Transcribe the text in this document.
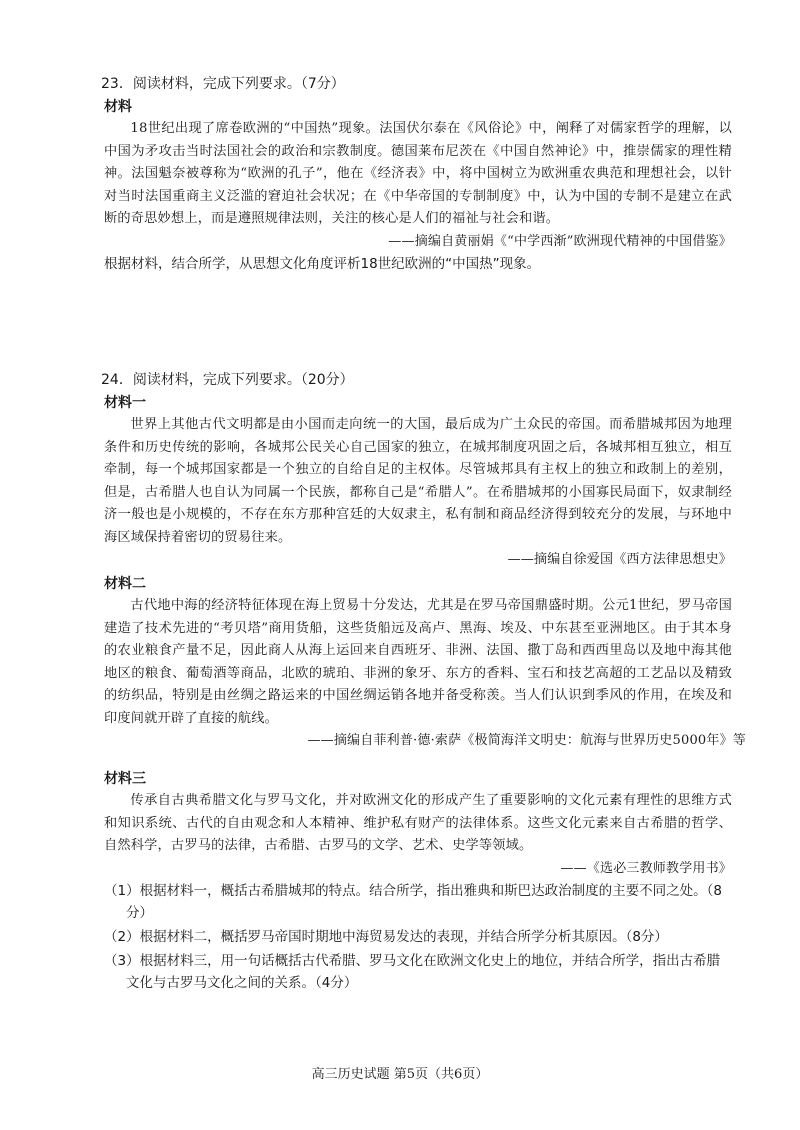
23．阅读材料，完成下列要求。（7分）
材料

18世纪出现了席卷欧洲的“中国热”现象。法国伏尔泰在《风俗论》中，阐释了对儒家哲学的理解，以中国为矛攻击当时法国社会的政治和宗教制度。德国莱布尼茨在《中国自然神论》中，推崇儒家的理性精神。法国魁奈被尊称为“欧洲的孔子”，他在《经济表》中，将中国树立为欧洲重农典范和理想社会，以针对当时法国重商主义泛滥的窘迫社会状况；在《中华帝国的专制制度》中，认为中国的专制不是建立在武断的奇思妙想上，而是遵照规律法则，关注的核心是人们的福祉与社会和谐。

——摘编自黄丽娟《“中学西渐”欧洲现代精神的中国借鉴》

根据材料，结合所学，从思想文化角度评析18世纪欧洲的“中国热”现象。

24．阅读材料，完成下列要求。（20分）
材料一

世界上其他古代文明都是由小国而走向统一的大国，最后成为广土众民的帝国。而希腊城邦因为地理条件和历史传统的影响，各城邦公民关心自己国家的独立，在城邦制度巩固之后，各城邦相互独立，相互牵制，每一个城邦国家都是一个独立的自给自足的主权体。尽管城邦具有主权上的独立和政制上的差别，但是，古希腊人也自认为同属一个民族，都称自己是“希腊人”。在希腊城邦的小国寡民局面下，奴隶制经济一般也是小规模的，不存在东方那种宫廷的大奴隶主，私有制和商品经济得到较充分的发展，与环地中海区域保持着密切的贸易往来。

——摘编自徐爱国《西方法律思想史》

材料二

古代地中海的经济特征体现在海上贸易十分发达，尤其是在罗马帝国鼎盛时期。公元1世纪，罗马帝国建造了技术先进的“考贝塔”商用货船，这些货船远及高卢、黑海、埃及、中东甚至亚洲地区。由于其本身的农业粮食产量不足，因此商人从海上运回来自西班牙、非洲、法国、撒丁岛和西西里岛以及地中海其他地区的粮食、葡萄酒等商品，北欧的琥珀、非洲的象牙、东方的香料、宝石和技艺高超的工艺品以及精致的纺织品，特别是由丝绸之路运来的中国丝绸运销各地并备受称羡。当人们认识到季风的作用，在埃及和印度间就开辟了直接的航线。

——摘编自菲利普·德·索萨《极简海洋文明史：航海与世界历史5000年》等

材料三

传承自古典希腊文化与罗马文化，并对欧洲文化的形成产生了重要影响的文化元素有理性的思维方式和知识系统、古代的自由观念和人本精神、维护私有财产的法律体系。这些文化元素来自古希腊的哲学、自然科学，古罗马的法律，古希腊、古罗马的文学、艺术、史学等领域。

——《选必三教师教学用书》

（1）根据材料一，概括古希腊城邦的特点。结合所学，指出雅典和斯巴达政治制度的主要不同之处。（8分）

（2）根据材料二，概括罗马帝国时期地中海贸易发达的表现，并结合所学分析其原因。（8分）

（3）根据材料三，用一句话概括古代希腊、罗马文化在欧洲文化史上的地位，并结合所学，指出古希腊文化与古罗马文化之间的关系。（4分）

高三历史试题 第5页（共6页）
